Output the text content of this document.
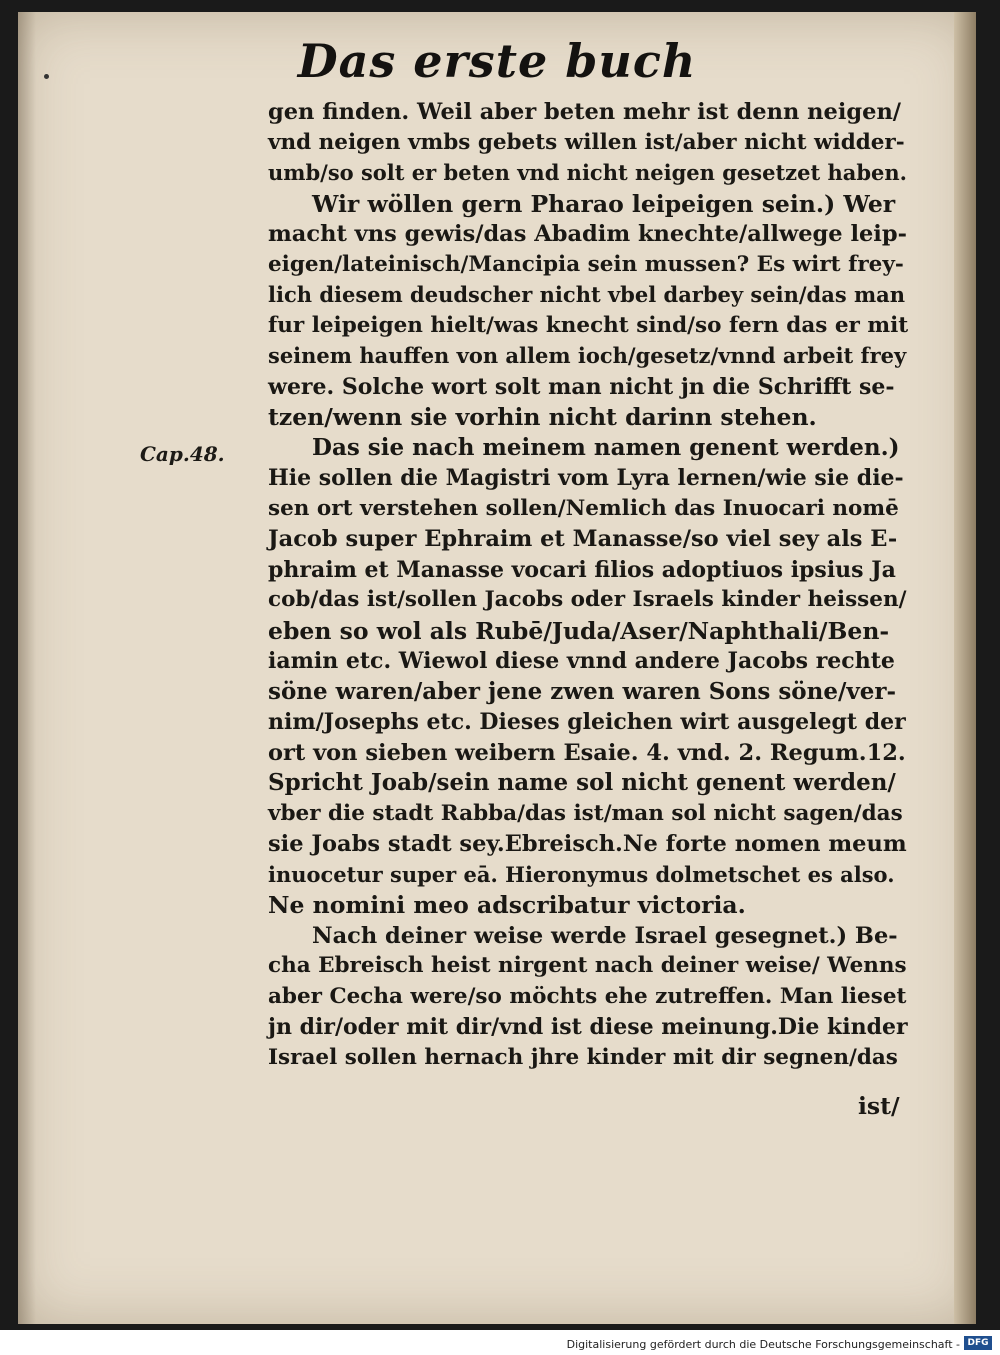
Das erste buch
Cap.48.
gen finden. Weil aber beten mehr ist denn neigen/
vnd neigen vmbs gebets willen ist/aber nicht widder-
umb/so solt er beten vnd nicht neigen gesetzet haben.
Wir wöllen gern Pharao leipeigen sein.) Wer
macht vns gewis/das Abadim knechte/allwege leip-
eigen/lateinisch/Mancipia sein mussen? Es wirt frey-
lich diesem deudscher nicht vbel darbey sein/das man
fur leipeigen hielt/was knecht sind/so fern das er mit
seinem hauffen von allem ioch/gesetz/vnnd arbeit frey
were. Solche wort solt man nicht jn die Schrifft se-
tzen/wenn sie vorhin nicht darinn stehen.
Das sie nach meinem namen genent werden.)
Hie sollen die Magistri vom Lyra lernen/wie sie die-
sen ort verstehen sollen/Nemlich das Inuocari nomē
Jacob super Ephraim et Manasse/so viel sey als E-
phraim et Manasse vocari filios adoptiuos ipsius Ja
cob/das ist/sollen Jacobs oder Israels kinder heissen/
eben so wol als Rubē/Juda/Aser/Naphthali/Ben-
iamin etc. Wiewol diese vnnd andere Jacobs rechte
söne waren/aber jene zwen waren Sons söne/ver-
nim/Josephs etc. Dieses gleichen wirt ausgelegt der
ort von sieben weibern Esaie. 4. vnd. 2. Regum.12.
Spricht Joab/sein name sol nicht genent werden/
vber die stadt Rabba/das ist/man sol nicht sagen/das
sie Joabs stadt sey.Ebreisch.Ne forte nomen meum
inuocetur super eā. Hieronymus dolmetschet es also.
Ne nomini meo adscribatur victoria.
Nach deiner weise werde Israel gesegnet.) Be-
cha Ebreisch heist nirgent nach deiner weise/ Wenns
aber Cecha were/so möchts ehe zutreffen. Man lieset
jn dir/oder mit dir/vnd ist diese meinung.Die kinder
Israel sollen hernach jhre kinder mit dir segnen/das
ist/
Digitalisierung gefördert durch die Deutsche Forschungsgemeinschaft - DFG
